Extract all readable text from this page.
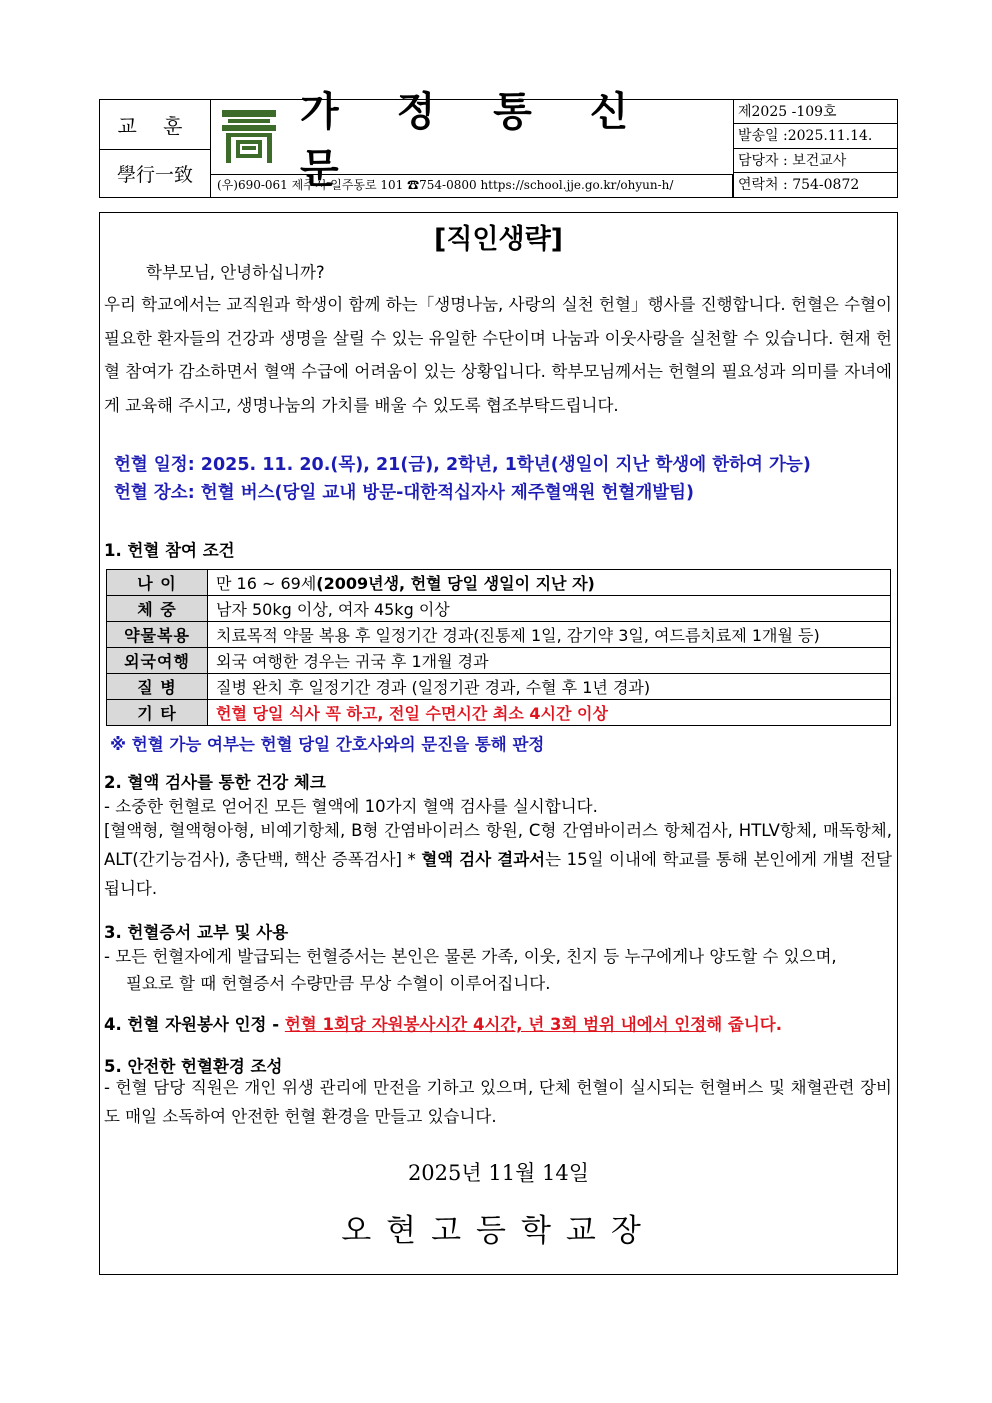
교 훈
學行一致
가 정 통 신 문
(우)690-061 제주시 일주동로 101 ☎754-0800 https://school.jje.go.kr/ohyun-h/
제2025 -109호
발송일 :2025.11.14.
담당자 : 보건교사
연락처 : 754-0872
[직인생략]
학부모님, 안녕하십니까?
우리 학교에서는 교직원과 학생이 함께 하는「생명나눔, 사랑의 실천 헌혈」행사를 진행합니다. 헌혈은 수혈이 필요한 환자들의 건강과 생명을 살릴 수 있는 유일한 수단이며 나눔과 이웃사랑을 실천할 수 있습니다. 현재 헌혈 참여가 감소하면서 혈액 수급에 어려움이 있는 상황입니다. 학부모님께서는 헌혈의 필요성과 의미를 자녀에게 교육해 주시고, 생명나눔의 가치를 배울 수 있도록 협조부탁드립니다.
헌혈 일정: 2025. 11. 20.(목), 21(금), 2학년, 1학년(생일이 지난 학생에 한하여 가능)
헌혈 장소: 헌혈 버스(당일 교내 방문-대한적십자사 제주혈액원 헌혈개발팀)
1. 헌혈 참여 조건
나 이	만 16 ~ 69세(2009년생, 헌혈 당일 생일이 지난 자)
체 중	남자 50kg 이상, 여자 45kg 이상
약물복용	치료목적 약물 복용 후 일정기간 경과(진통제 1일, 감기약 3일, 여드름치료제 1개월 등)
외국여행	외국 여행한 경우는 귀국 후 1개월 경과
질 병	질병 완치 후 일정기간 경과 (일정기관 경과, 수혈 후 1년 경과)
기 타	헌혈 당일 식사 꼭 하고, 전일 수면시간 최소 4시간 이상
※ 헌혈 가능 여부는 헌혈 당일 간호사와의 문진을 통해 판정
2. 혈액 검사를 통한 건강 체크
- 소중한 헌혈로 얻어진 모든 혈액에 10가지 혈액 검사를 실시합니다.
[혈액형, 혈액형아형, 비예기항체, B형 간염바이러스 항원, C형 간염바이러스 항체검사, HTLV항체, 매독항체, ALT(간기능검사), 총단백, 핵산 증폭검사] * 혈액 검사 결과서는 15일 이내에 학교를 통해 본인에게 개별 전달됩니다.
3. 헌혈증서 교부 및 사용
- 모든 헌혈자에게 발급되는 헌혈증서는 본인은 물론 가족, 이웃, 친지 등 누구에게나 양도할 수 있으며,
필요로 할 때 헌혈증서 수량만큼 무상 수혈이 이루어집니다.
4. 헌혈 자원봉사 인정 - 헌혈 1회당 자원봉사시간 4시간, 년 3회 범위 내에서 인정해 줍니다.
5. 안전한 헌혈환경 조성
- 헌혈 담당 직원은 개인 위생 관리에 만전을 기하고 있으며, 단체 헌혈이 실시되는 헌혈버스 및 채혈관련 장비도 매일 소독하여 안전한 헌혈 환경을 만들고 있습니다.
2025년 11월 14일
오현고등학교장
